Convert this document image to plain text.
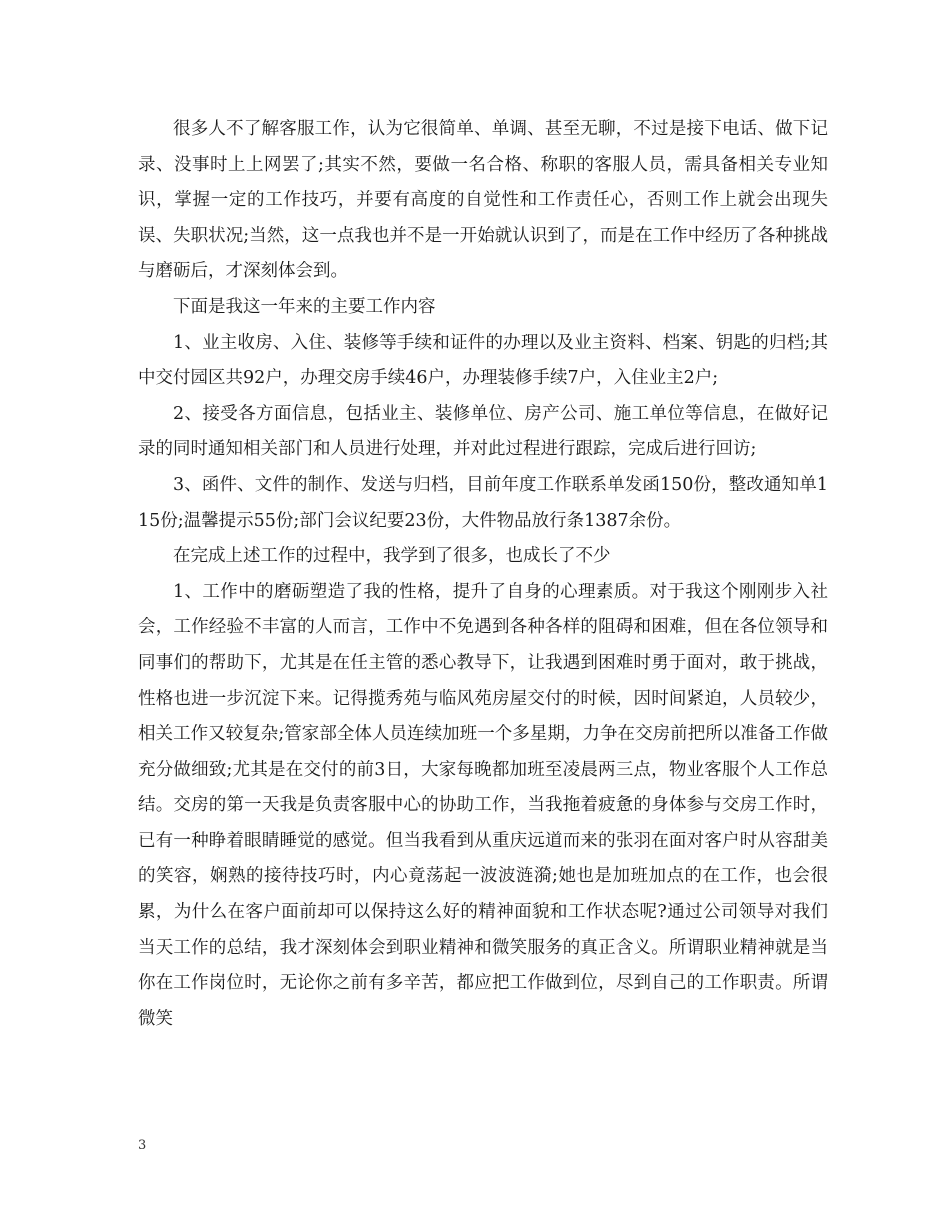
很多人不了解客服工作，认为它很简单、单调、甚至无聊，不过是接下电话、做下记录、没事时上上网罢了;其实不然，要做一名合格、称职的客服人员，需具备相关专业知识，掌握一定的工作技巧，并要有高度的自觉性和工作责任心，否则工作上就会出现失误、失职状况;当然，这一点我也并不是一开始就认识到了，而是在工作中经历了各种挑战与磨砺后，才深刻体会到。

下面是我这一年来的主要工作内容

1、业主收房、入住、装修等手续和证件的办理以及业主资料、档案、钥匙的归档;其中交付园区共92户，办理交房手续46户，办理装修手续7户，入住业主2户;

2、接受各方面信息，包括业主、装修单位、房产公司、施工单位等信息，在做好记录的同时通知相关部门和人员进行处理，并对此过程进行跟踪，完成后进行回访;

3、函件、文件的制作、发送与归档，目前年度工作联系单发函150份，整改通知单115份;温馨提示55份;部门会议纪要23份，大件物品放行条1387余份。

在完成上述工作的过程中，我学到了很多，也成长了不少

1、工作中的磨砺塑造了我的性格，提升了自身的心理素质。对于我这个刚刚步入社会，工作经验不丰富的人而言，工作中不免遇到各种各样的阻碍和困难，但在各位领导和同事们的帮助下，尤其是在任主管的悉心教导下，让我遇到困难时勇于面对，敢于挑战，性格也进一步沉淀下来。记得揽秀苑与临风苑房屋交付的时候，因时间紧迫，人员较少，相关工作又较复杂;管家部全体人员连续加班一个多星期，力争在交房前把所以准备工作做充分做细致;尤其是在交付的前3日，大家每晚都加班至凌晨两三点，物业客服个人工作总结。交房的第一天我是负责客服中心的协助工作，当我拖着疲惫的身体参与交房工作时，已有一种睁着眼睛睡觉的感觉。但当我看到从重庆远道而来的张羽在面对客户时从容甜美的笑容，娴熟的接待技巧时，内心竟荡起一波波涟漪;她也是加班加点的在工作，也会很累，为什么在客户面前却可以保持这么好的精神面貌和工作状态呢?通过公司领导对我们当天工作的总结，我才深刻体会到职业精神和微笑服务的真正含义。所谓职业精神就是当你在工作岗位时，无论你之前有多辛苦，都应把工作做到位，尽到自己的工作职责。所谓微笑

3
